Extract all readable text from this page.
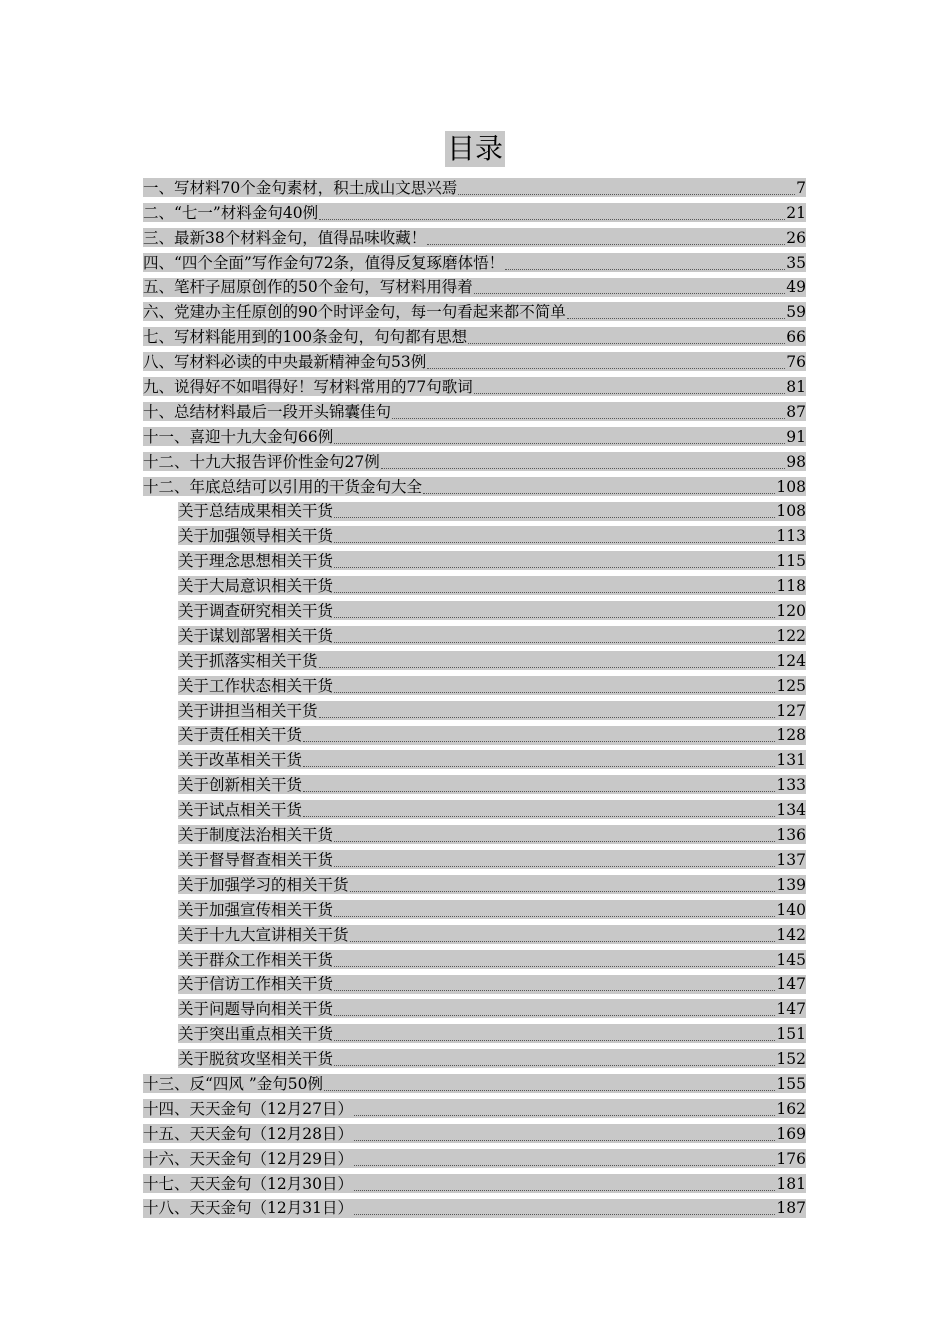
目录
一、写材料70个金句素材，积土成山文思兴焉	7
二、“七一”材料金句40例	21
三、最新38个材料金句，值得品味收藏！	26
四、“四个全面”写作金句72条，值得反复琢磨体悟！	35
五、笔杆子屈原创作的50个金句，写材料用得着	49
六、党建办主任原创的90个时评金句，每一句看起来都不简单	59
七、写材料能用到的100条金句，句句都有思想	66
八、写材料必读的中央最新精神金句53例	76
九、说得好不如唱得好！写材料常用的77句歌词	81
十、总结材料最后一段开头锦囊佳句	87
十一、喜迎十九大金句66例	91
十二、十九大报告评价性金句27例	98
十二、年底总结可以引用的干货金句大全	108
关于总结成果相关干货	108
关于加强领导相关干货	113
关于理念思想相关干货	115
关于大局意识相关干货	118
关于调查研究相关干货	120
关于谋划部署相关干货	122
关于抓落实相关干货	124
关于工作状态相关干货	125
关于讲担当相关干货	127
关于责任相关干货	128
关于改革相关干货	131
关于创新相关干货	133
关于试点相关干货	134
关于制度法治相关干货	136
关于督导督查相关干货	137
关于加强学习的相关干货	139
关于加强宣传相关干货	140
关于十九大宣讲相关干货	142
关于群众工作相关干货	145
关于信访工作相关干货	147
关于问题导向相关干货	147
关于突出重点相关干货	151
关于脱贫攻坚相关干货	152
十三、反“四风 ”金句50例	155
十四、天天金句（12月27日）	162
十五、天天金句（12月28日）	169
十六、天天金句（12月29日）	176
十七、天天金句（12月30日）	181
十八、天天金句（12月31日）	187
